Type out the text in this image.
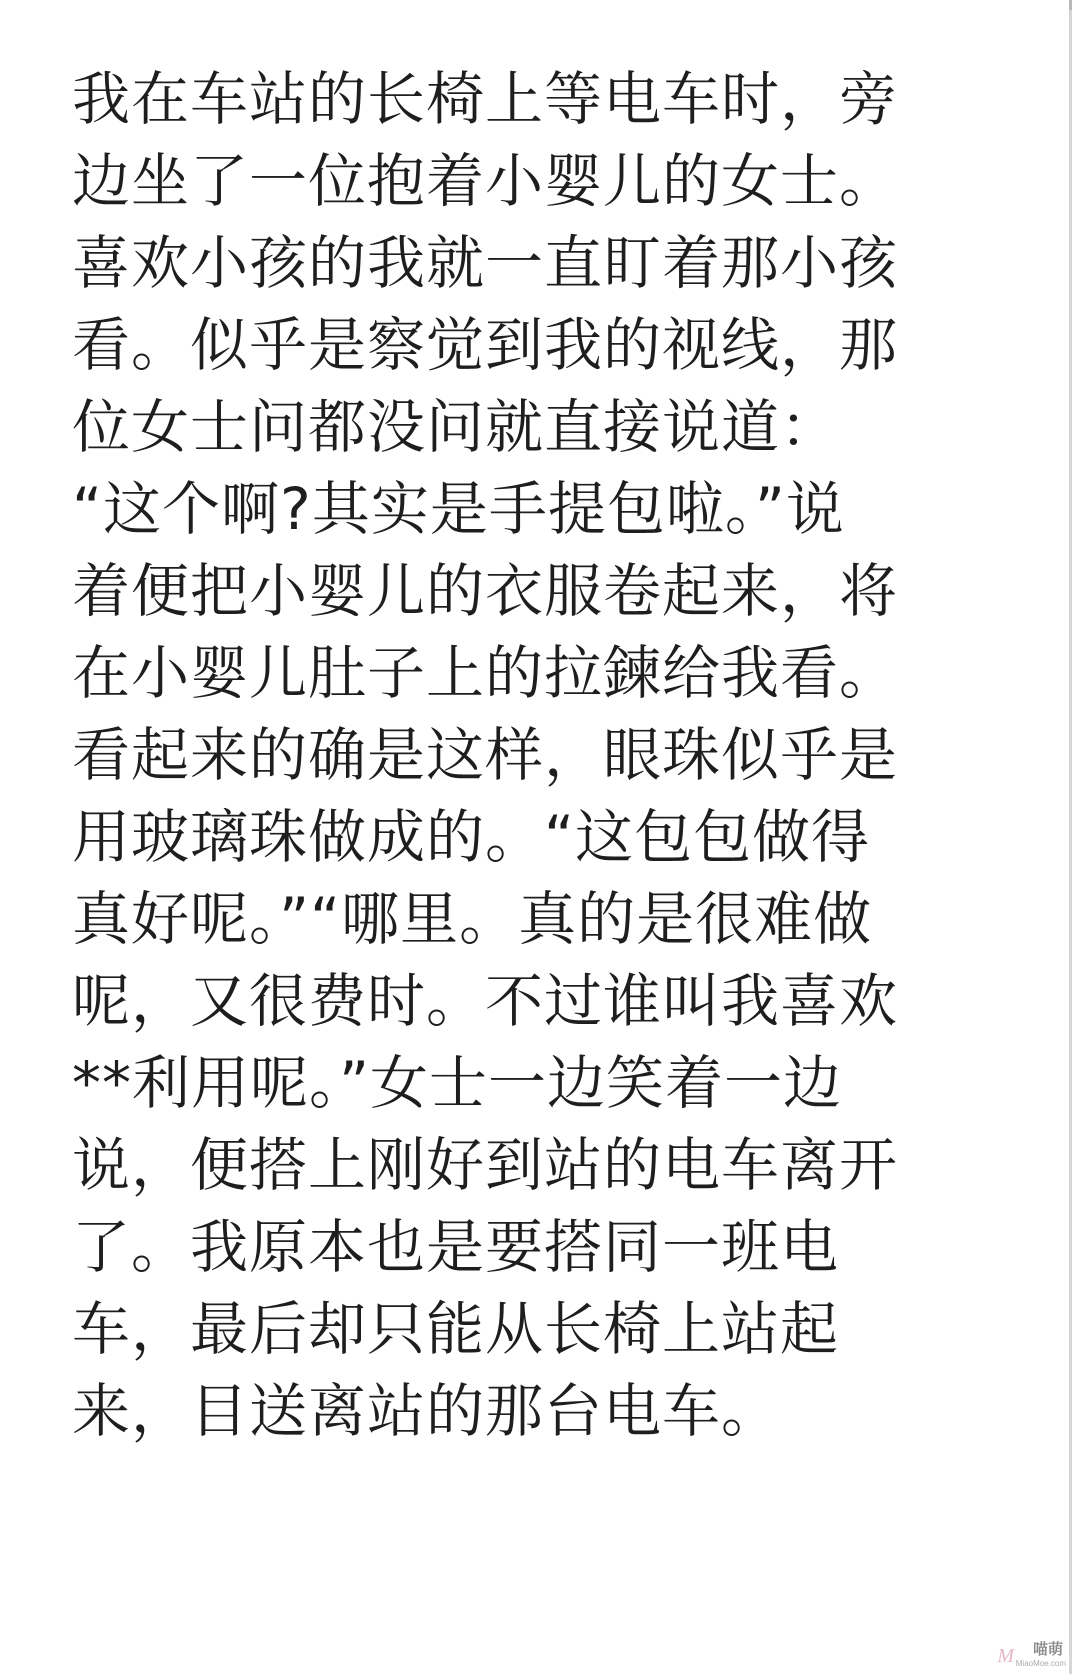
我在车站的长椅上等电车时，旁
边坐了一位抱着小婴儿的女士。
喜欢小孩的我就一直盯着那小孩
看。似乎是察觉到我的视线，那
位女士问都没问就直接说道：
“这个啊?其实是手提包啦。”说
着便把小婴儿的衣服卷起来，将
在小婴儿肚子上的拉鍊给我看。
看起来的确是这样，眼珠似乎是
用玻璃珠做成的。“这包包做得
真好呢。”“哪里。真的是很难做
呢，又很费时。不过谁叫我喜欢
**利用呢。”女士一边笑着一边
说，便搭上刚好到站的电车离开
了。我原本也是要搭同一班电
车，最后却只能从长椅上站起
来，目送离站的那台电车。
M 喵萌
MiaoMoe.com
